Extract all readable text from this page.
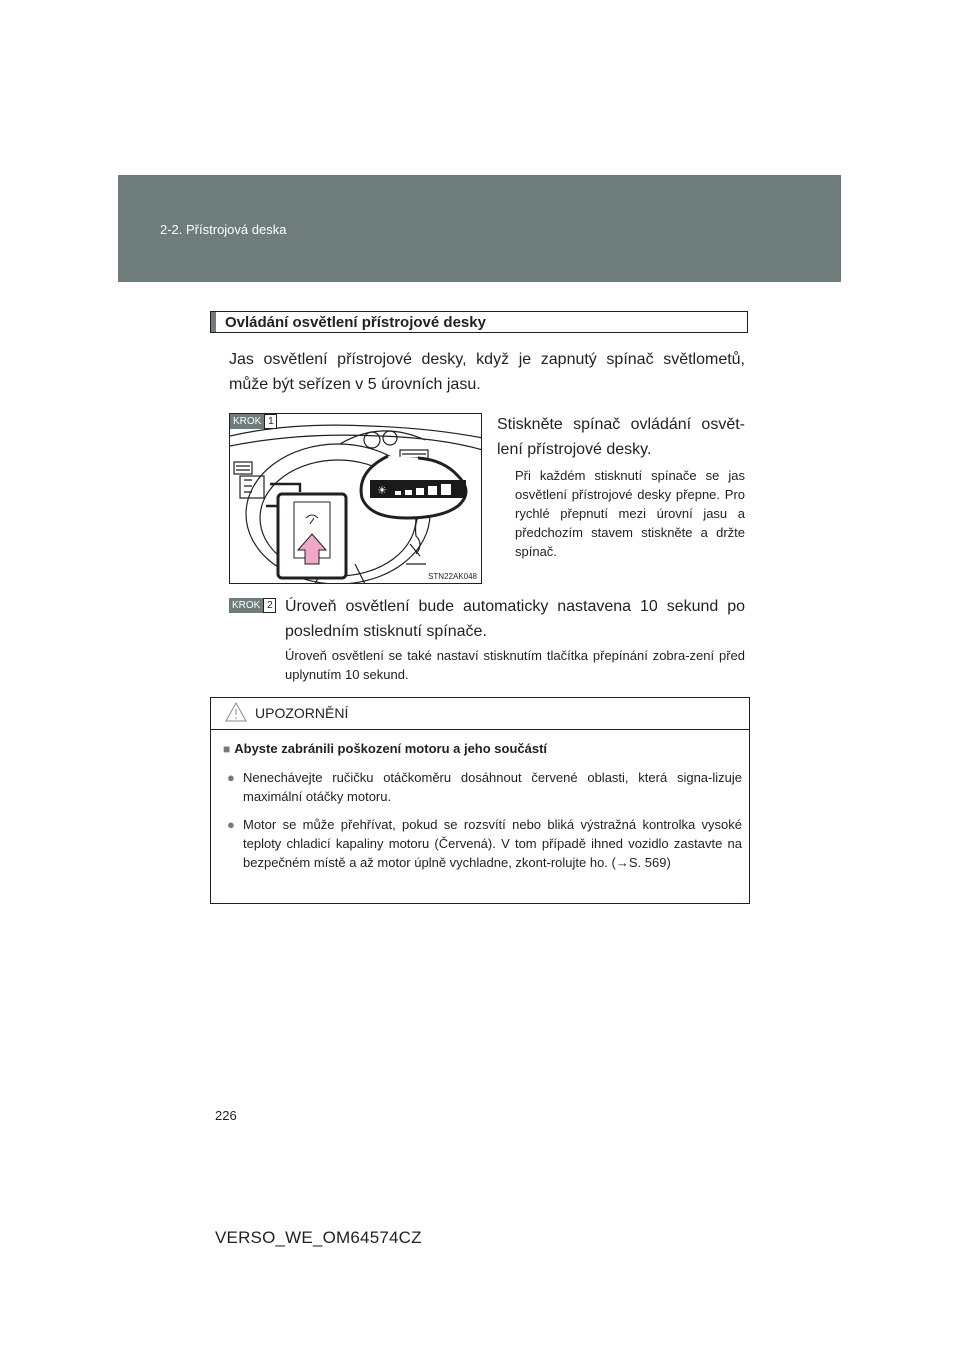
2-2. Přístrojová deska
Ovládání osvětlení přístrojové desky
Jas osvětlení přístrojové desky, když je zapnutý spínač světlometů, může být seřízen v 5 úrovních jasu.
☀
KROK 1
STN22AK048
Stiskněte spínač ovládání osvět-lení přístrojové desky.
Při každém stisknutí spínače se jas osvětlení přístrojové desky přepne. Pro rychlé přepnutí mezi úrovní jasu a předchozím stavem stiskněte a držte spínač.
KROK 2 Úroveň osvětlení bude automaticky nastavena 10 sekund po posledním stisknutí spínače.
Úroveň osvětlení se také nastaví stisknutím tlačítka přepínání zobra-zení před uplynutím 10 sekund.
UPOZORNĚNÍ
■ Abyste zabránili poškození motoru a jeho součástí
● Nenechávejte ručičku otáčkoměru dosáhnout červené oblasti, která signa-lizuje maximální otáčky motoru.
● Motor se může přehřívat, pokud se rozsvítí nebo bliká výstražná kontrolka vysoké teploty chladicí kapaliny motoru (Červená). V tom případě ihned vozidlo zastavte na bezpečném místě a až motor úplně vychladne, zkont-rolujte ho. (→S. 569)
226
VERSO_WE_OM64574CZ
